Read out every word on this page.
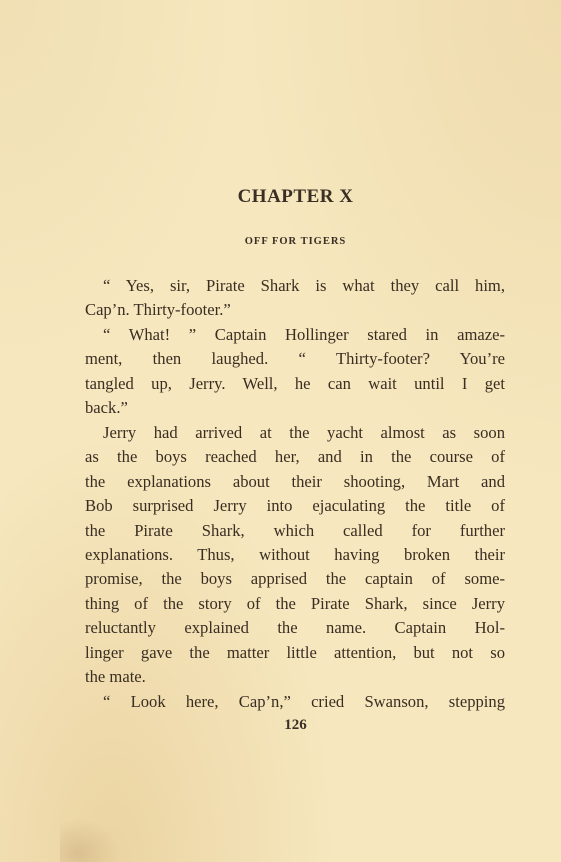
CHAPTER X
OFF FOR TIGERS
“ Yes, sir, Pirate Shark is what they call him,
Cap’n. Thirty-footer.”
“ What! ” Captain Hollinger stared in amaze-
ment, then laughed. “ Thirty-footer? You’re
tangled up, Jerry. Well, he can wait until I get
back.”
Jerry had arrived at the yacht almost as soon
as the boys reached her, and in the course of
the explanations about their shooting, Mart and
Bob surprised Jerry into ejaculating the title of
the Pirate Shark, which called for further
explanations. Thus, without having broken their
promise, the boys apprised the captain of some-
thing of the story of the Pirate Shark, since Jerry
reluctantly explained the name. Captain Hol-
linger gave the matter little attention, but not so
the mate.
“ Look here, Cap’n,” cried Swanson, stepping
126
